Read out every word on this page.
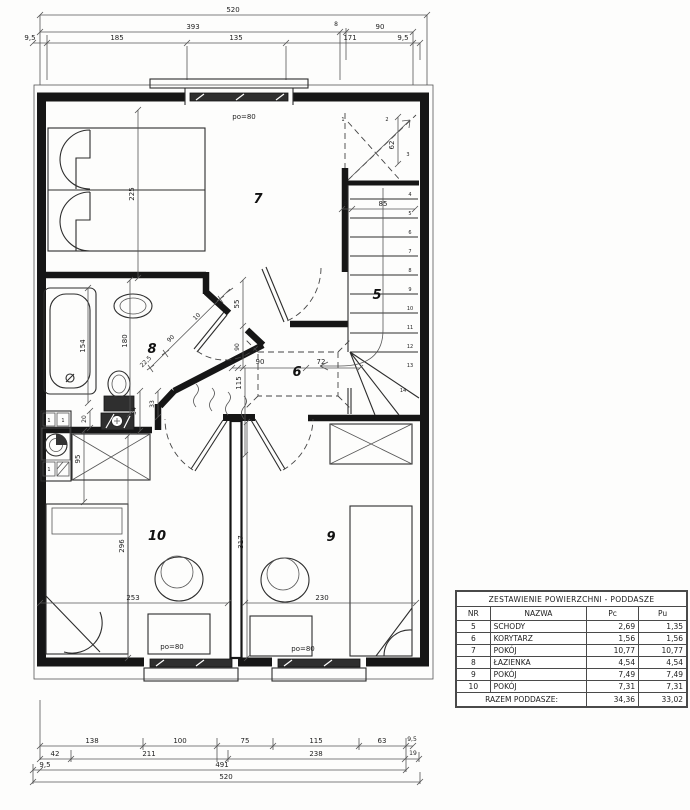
520
393	8	90
9,5	185	135	171	9,5
1	2
3
4
5
6
7
8
9
10
11
12
13
14
62
85
8
225
po=80
7
1 1
1
180
154
22,5
90
10
33
54
20
95
8
55
90
3	90
115
72
6
5
296
253
po=80
10	317
230
po=80
9
138	100	75	115	63	9,5
42	211	238	19
9,5	491
520
ZESTAWIENIE POWIERZCHNI - PODDASZE			
NR	NAZWA	Pc	Pu
5	SCHODY	2,69	1,35
6	KORYTARZ	1,56	1,56
7	POKÓJ	10,77	10,77
8	ŁAZIENKA	4,54	4,54
9	POKÓJ	7,49	7,49
10	POKÓJ	7,31	7,31
RAZEM PODDASZE:		34,36	33,02
